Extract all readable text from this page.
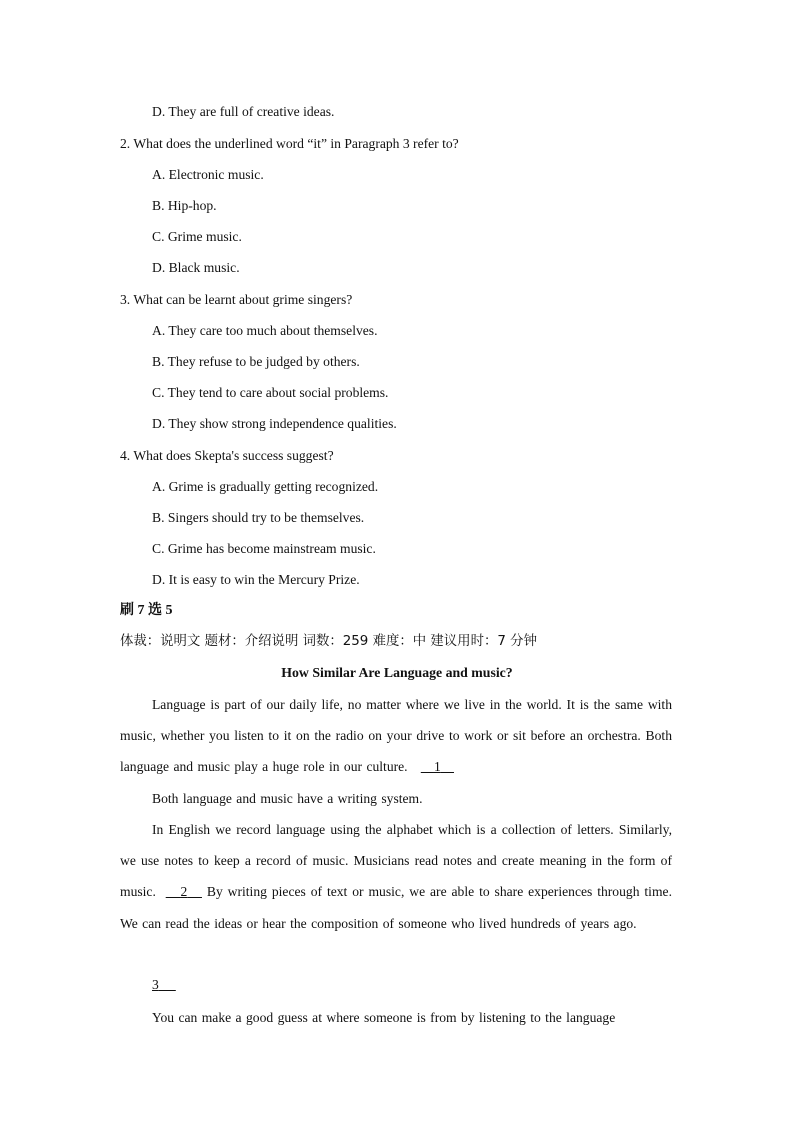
D. They are full of creative ideas.
2. What does the underlined word “it” in Paragraph 3 refer to?
A. Electronic music.
B. Hip-hop.
C. Grime music.
D. Black music.
3. What can be learnt about grime singers?
A. They care too much about themselves.
B. They refuse to be judged by others.
C. They tend to care about social problems.
D. They show strong independence qualities.
4. What does Skepta's success suggest?
A. Grime is gradually getting recognized.
B. Singers should try to be themselves.
C. Grime has become mainstream music.
D. It is easy to win the Mercury Prize.
刷 7 选 5
体裁：说明文 题材：介绍说明 词数：259 难度：中 建议用时：7 分钟
How Similar Are Language and music?
Language is part of our daily life, no matter where we live in the world. It is the same with music, whether you listen to it on the radio on your drive to work or sit before an orchestra. Both language and music play a huge role in our culture.      1
Both language and music have a writing system.
In English we record language using the alphabet which is a collection of letters. Similarly, we use notes to keep a record of music. Musicians read notes and create meaning in the form of music.     2    By writing pieces of text or music, we are able to share experiences through time. We can read the ideas or hear the composition of someone who lived hundreds of years ago.
3
You can make a good guess at where someone is from by listening to the language
